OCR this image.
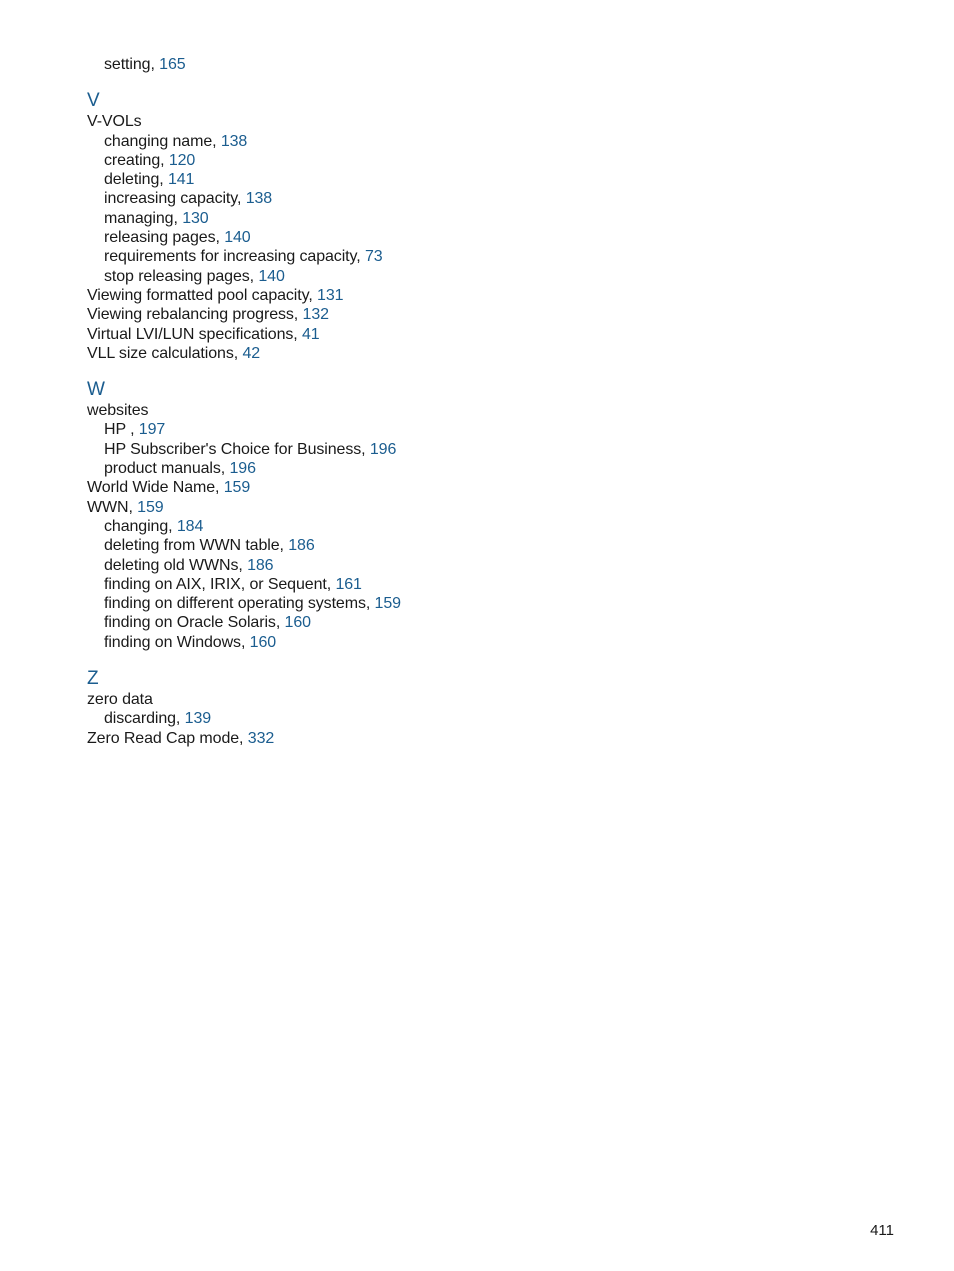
setting, 165
V
V-VOLs
changing name, 138
creating, 120
deleting, 141
increasing capacity, 138
managing, 130
releasing pages, 140
requirements for increasing capacity, 73
stop releasing pages, 140
Viewing formatted pool capacity, 131
Viewing rebalancing progress, 132
Virtual LVI/LUN specifications, 41
VLL size calculations, 42
W
websites
HP , 197
HP Subscriber's Choice for Business, 196
product manuals, 196
World Wide Name, 159
WWN, 159
changing, 184
deleting from WWN table, 186
deleting old WWNs, 186
finding on AIX, IRIX, or Sequent, 161
finding on different operating systems, 159
finding on Oracle Solaris, 160
finding on Windows, 160
Z
zero data
discarding, 139
Zero Read Cap mode, 332
411
